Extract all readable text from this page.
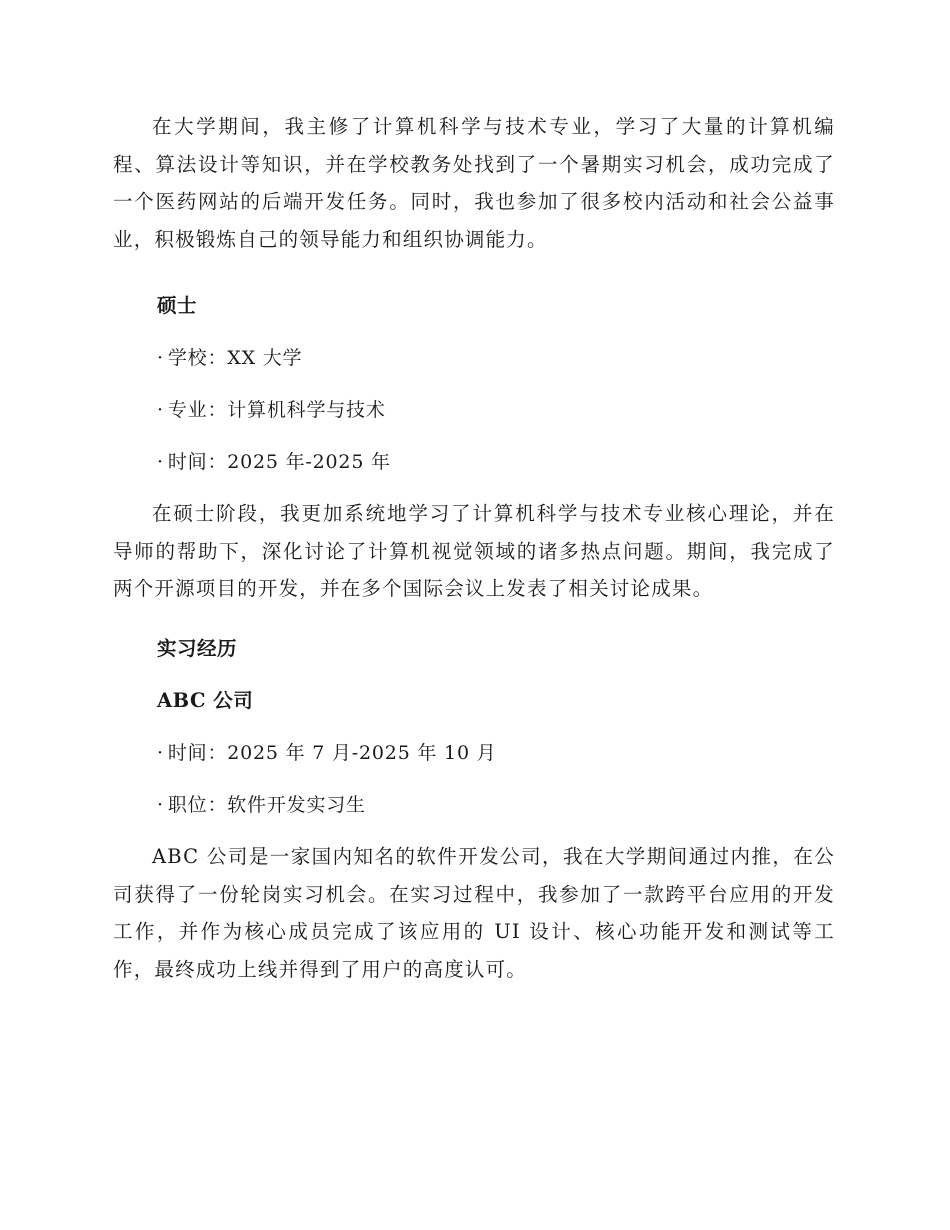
在大学期间，我主修了计算机科学与技术专业，学习了大量的计算机编程、算法设计等知识，并在学校教务处找到了一个暑期实习机会，成功完成了一个医药网站的后端开发任务。同时，我也参加了很多校内活动和社会公益事业，积极锻炼自己的领导能力和组织协调能力。

硕士

· 学校：XX 大学

· 专业：计算机科学与技术

· 时间：2025 年-2025 年

在硕士阶段，我更加系统地学习了计算机科学与技术专业核心理论，并在导师的帮助下，深化讨论了计算机视觉领域的诸多热点问题。期间，我完成了两个开源项目的开发，并在多个国际会议上发表了相关讨论成果。

实习经历
ABC 公司

· 时间：2025 年 7 月-2025 年 10 月

· 职位：软件开发实习生

ABC 公司是一家国内知名的软件开发公司，我在大学期间通过内推，在公司获得了一份轮岗实习机会。在实习过程中，我参加了一款跨平台应用的开发工作，并作为核心成员完成了该应用的 UI 设计、核心功能开发和测试等工作，最终成功上线并得到了用户的高度认可。
